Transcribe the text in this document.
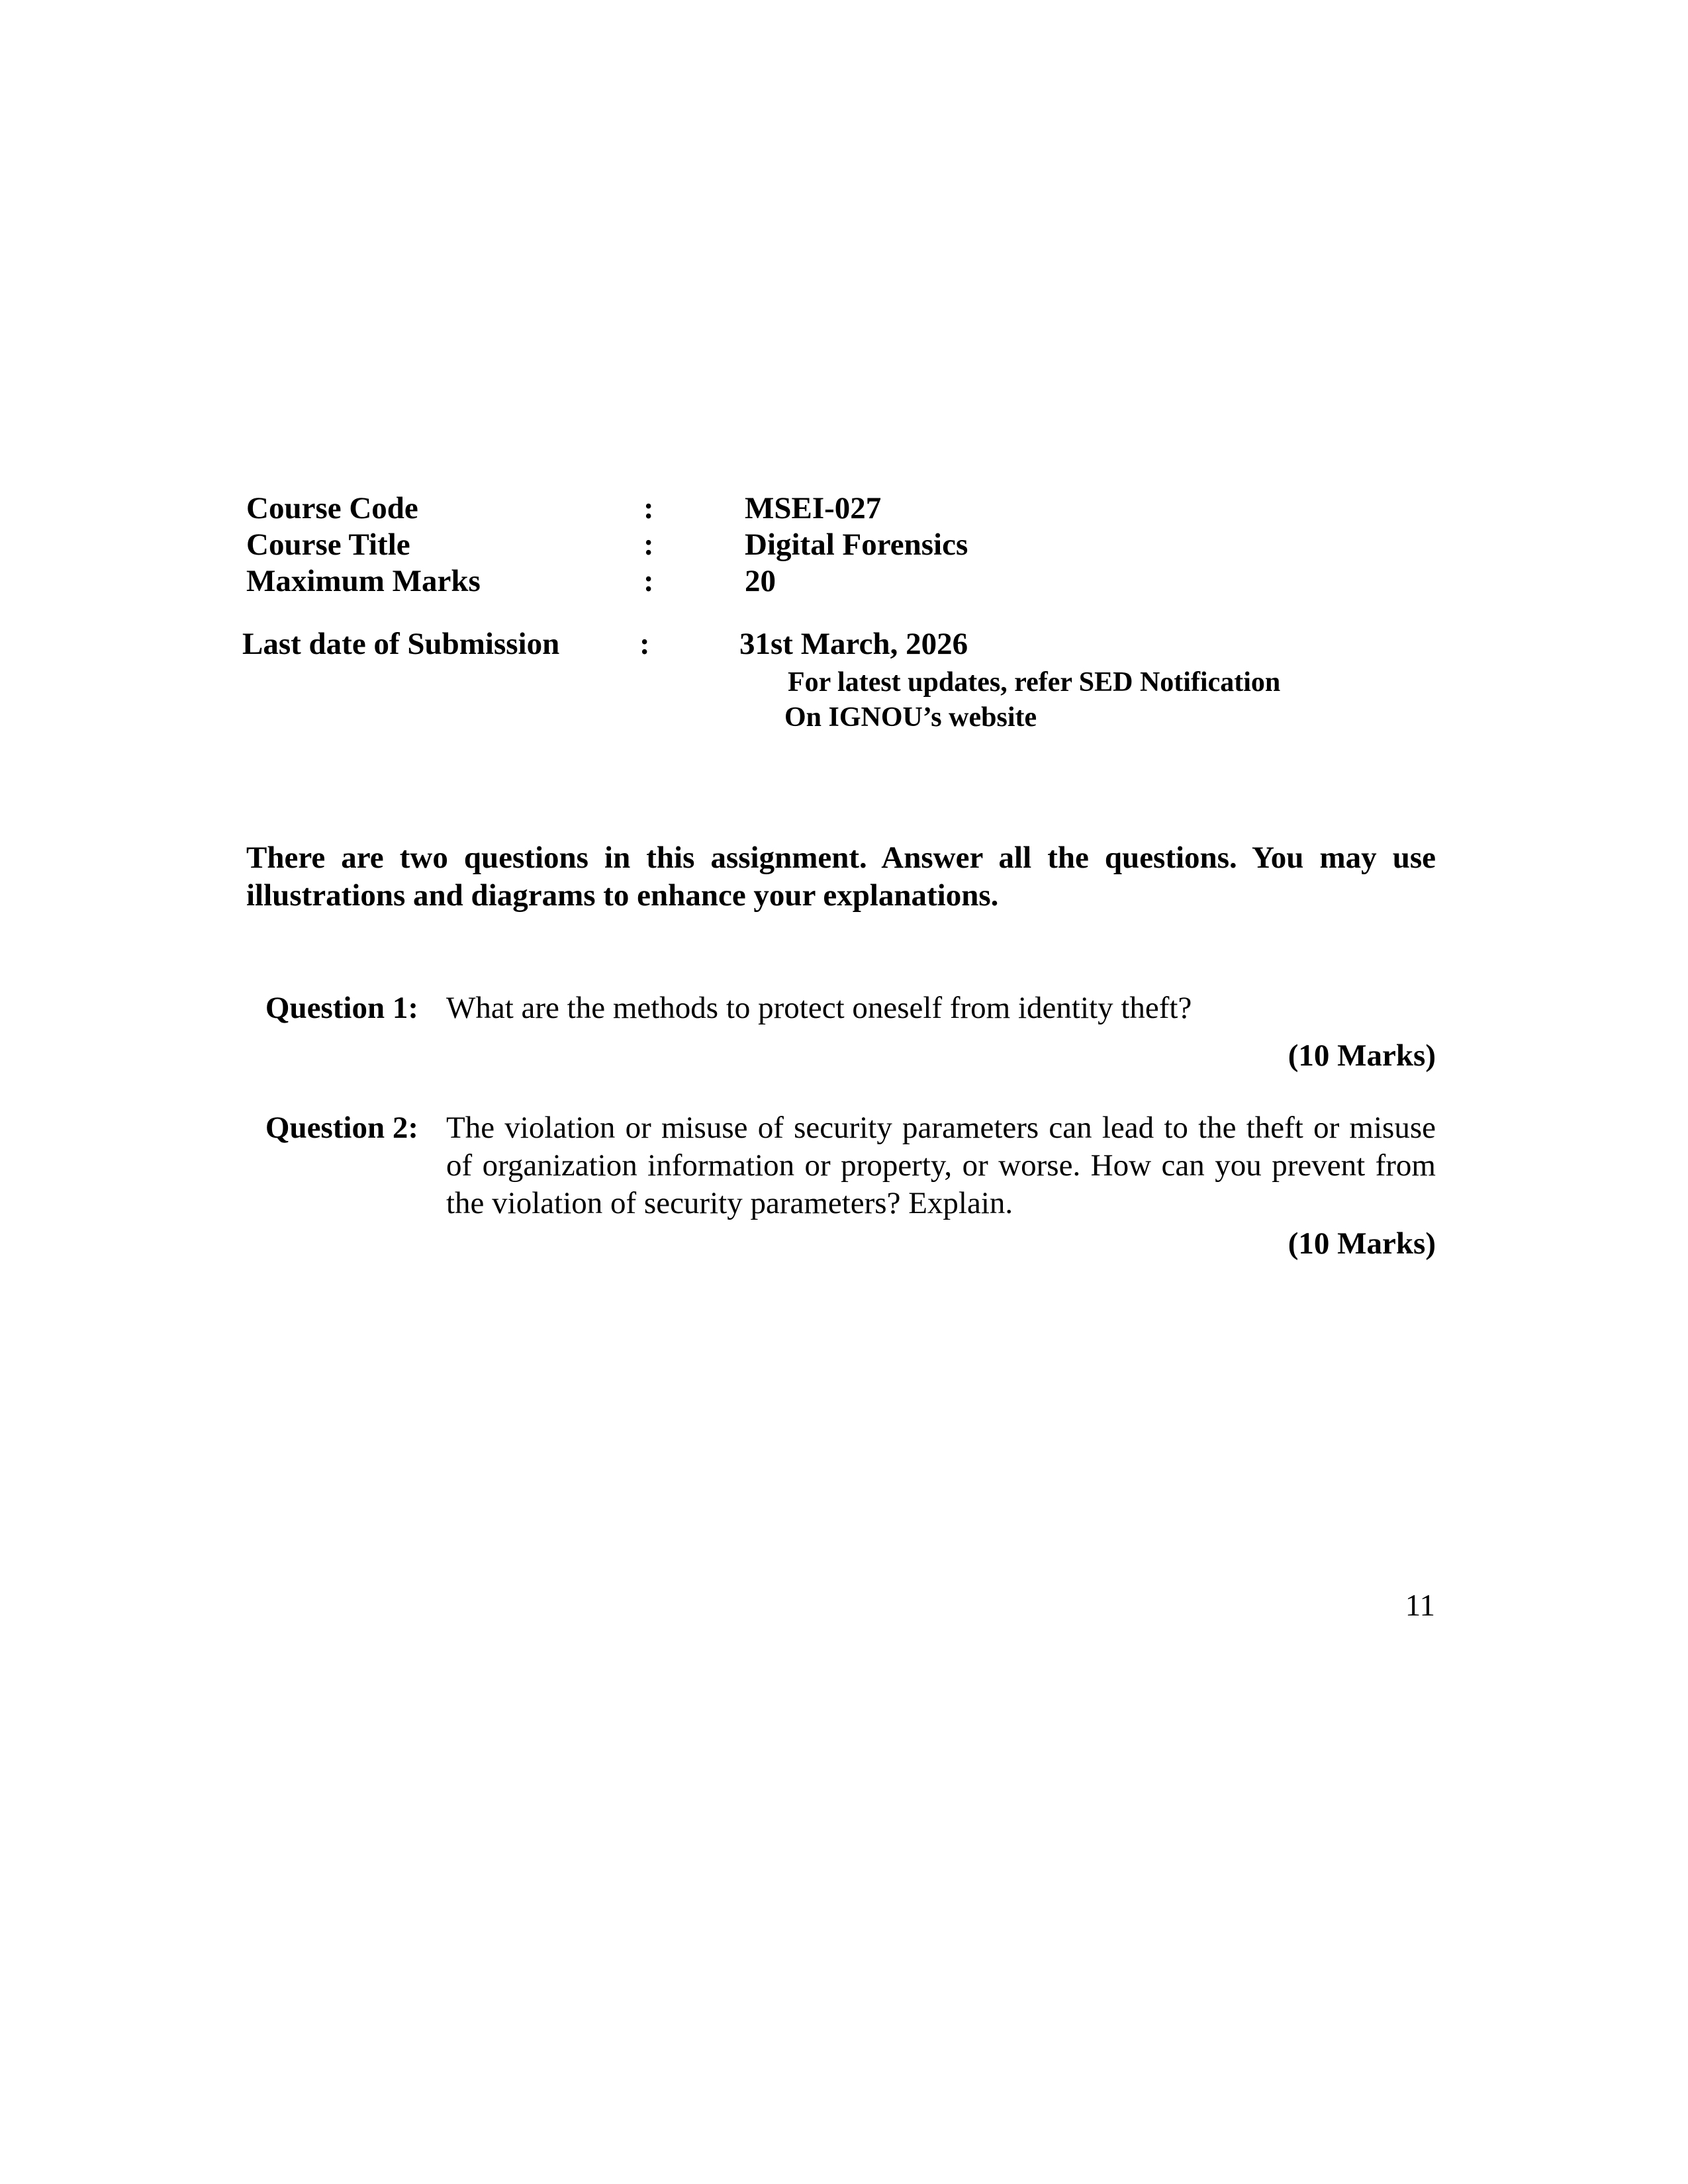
Course Code	:	MSEI-027
Course Title	:	Digital Forensics
Maximum Marks	:	20
Last date of Submission	:	31st March, 2026
For latest updates, refer SED Notification
On IGNOU’s website

There are two questions in this assignment. Answer all the questions. You may use illustrations and diagrams to enhance your explanations.

Question 1: What are the methods to protect oneself from identity theft?

(10 Marks)
Question 2: The violation or misuse of security parameters can lead to the theft or misuse of organization information or property, or worse. How can you prevent from the violation of security parameters? Explain.

(10 Marks)
11
